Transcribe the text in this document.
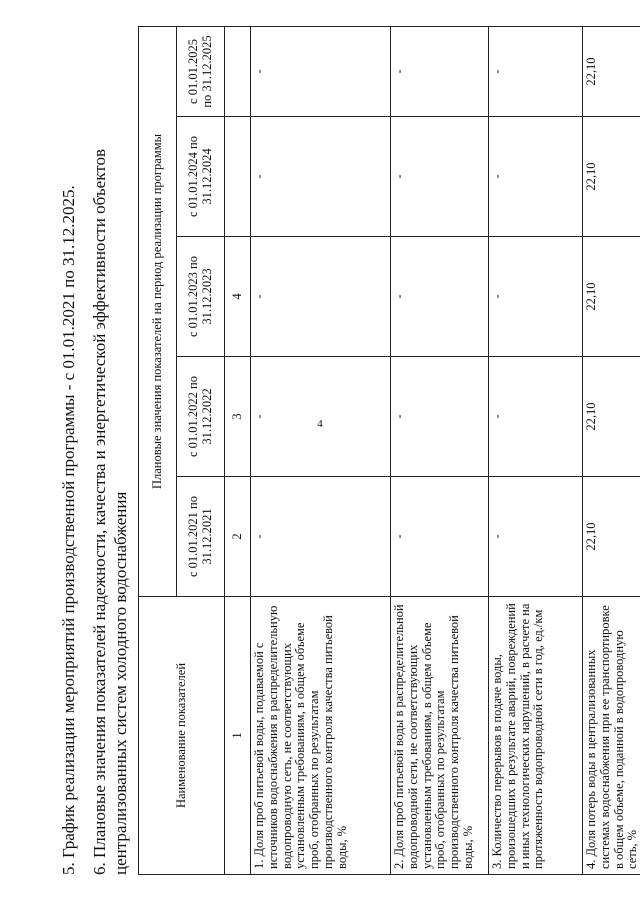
4
5. График реализации мероприятий производственной программы - с 01.01.2021 по 31.12.2025. 6. Плановые значения показателей надежности, качества и энергетической эффективности объектов централизованных систем холодного водоснабжения	Наименование показателей	Плановые значения показателей на период реализации программы				
	с 01.01.2021 по 31.12.2021	с 01.01.2022 по 31.12.2022	с 01.01.2023 по 31.12.2023	с 01.01.2024 по 31.12.2024	с 01.01.2025 по 31.12.2025
1	2	3	4		
1. Доля проб питьевой воды, подаваемой с источников водоснабжения в распределительную водопроводную сеть, не соответствующих установленным требованиям, в общем объеме проб, отобранных по результатам производственного контроля качества питьевой воды, %	-	-	-	-	-
2. Доля проб питьевой воды в распределительной водопроводной сети, не соответствующих установленным требованиям, в общем объеме проб, отобранных по результатам производственного контроля качества питьевой воды, %	-	-	-	-	-
3. Количество перерывов в подаче воды, произошедших в результате аварий, повреждений и иных технологических нарушений, в расчете на протяженность водопроводной сети в год, ед./км	-	-	-	-	-
4. Доля потерь воды в централизованных системах водоснабжения при ее транспортировке в общем объеме, поданной в водопроводную сеть, %	22,10	22,10	22,10	22,10	22,10
